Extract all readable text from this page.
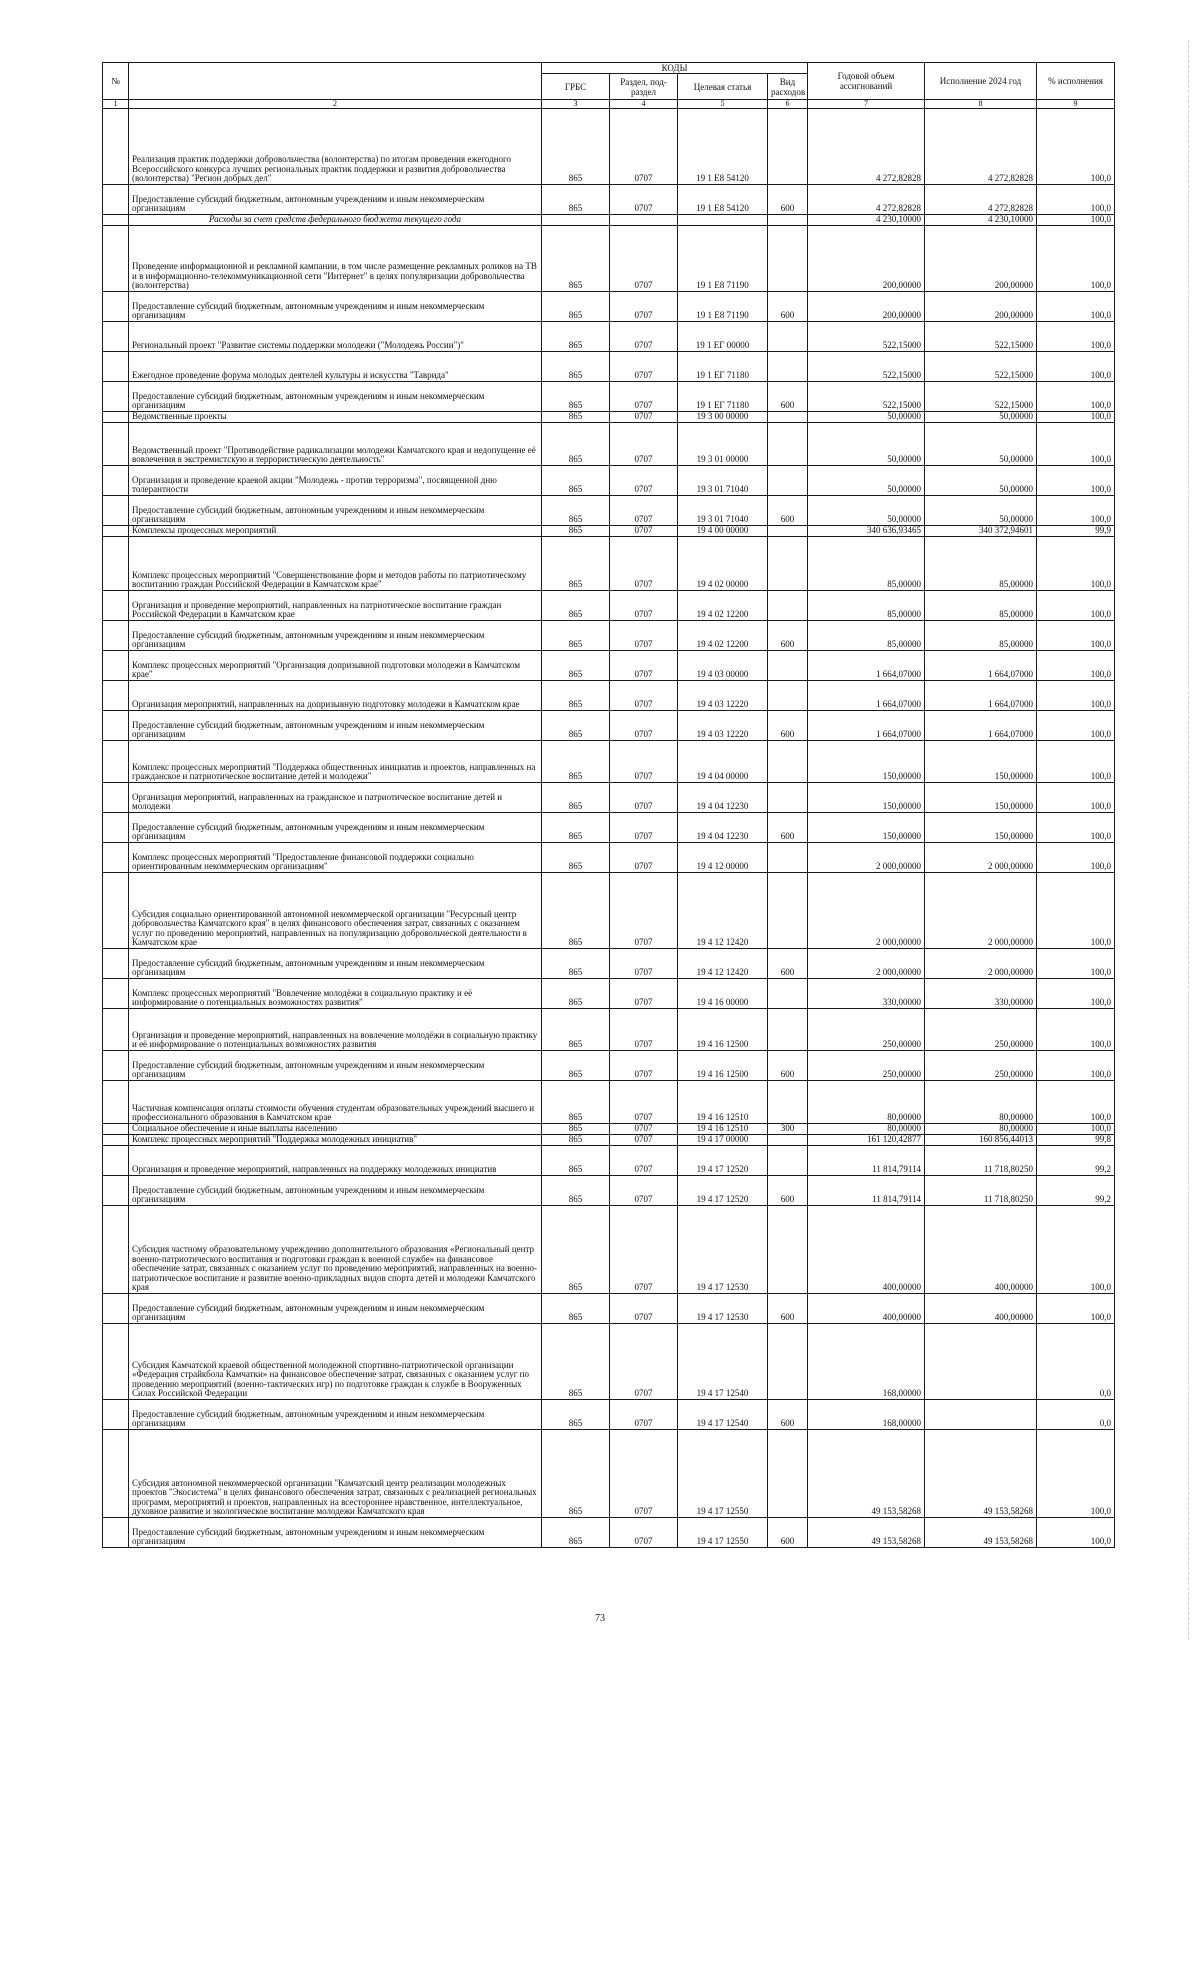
№		КОДЫ				Годовой объем ассигнований	Исполнение 2024 год	% исполнения
		ГРБС	Раздел, под-раздел	Целевая статья	Вид расходов			
1	2	3	4	5	6	7	8	9
	Реализация практик поддержки добровольчества (волонтерства) по итогам проведения ежегодного Всероссийского конкурса лучших региональных практик поддержки и развития добровольчества (волонтерства) "Регион добрых дел"	865	0707	19 1 Е8 54120		4 272,82828	4 272,82828	100,0
	Предоставление субсидий бюджетным, автономным учреждениям и иным некоммерческим организациям	865	0707	19 1 Е8 54120	600	4 272,82828	4 272,82828	100,0
	Расходы за счет средств федерального бюджета текущего года					4 230,10000	4 230,10000	100,0
	Проведение информационной и рекламной кампании, в том числе размещение рекламных роликов на ТВ и в информационно-телекоммуникационной сети "Интернет" в целях популяризации добровольчества (волонтерства)	865	0707	19 1 Е8 71190		200,00000	200,00000	100,0
	Предоставление субсидий бюджетным, автономным учреждениям и иным некоммерческим организациям	865	0707	19 1 Е8 71190	600	200,00000	200,00000	100,0
	Региональный проект "Развитие системы поддержки молодежи ("Молодежь России")"	865	0707	19 1 ЕГ 00000		522,15000	522,15000	100,0
	Ежегодное проведение форума молодых деятелей культуры и искусства "Таврида"	865	0707	19 1 ЕГ 71180		522,15000	522,15000	100,0
	Предоставление субсидий бюджетным, автономным учреждениям и иным некоммерческим организациям	865	0707	19 1 ЕГ 71180	600	522,15000	522,15000	100,0
	Ведомственные проекты	865	0707	19 3 00 00000		50,00000	50,00000	100,0
	Ведомственный проект "Противодействие радикализации молодежи Камчатского края и недопущение её вовлечения в экстремистскую и террористическую деятельность"	865	0707	19 3 01 00000		50,00000	50,00000	100,0
	Организация и проведение краевой акции "Молодежь - против терроризма", посвященной дню толерантности	865	0707	19 3 01 71040		50,00000	50,00000	100,0
	Предоставление субсидий бюджетным, автономным учреждениям и иным некоммерческим организациям	865	0707	19 3 01 71040	600	50,00000	50,00000	100,0
	Комплексы процессных мероприятий	865	0707	19 4 00 00000		340 636,93465	340 372,94601	99,9
	Комплекс процессных мероприятий "Совершенствование форм и методов работы по патриотическому воспитанию граждан Российской Федерации в Камчатском крае"	865	0707	19 4 02 00000		85,00000	85,00000	100,0
	Организация и проведение мероприятий, направленных на патриотическое воспитание граждан Российской Федерации в Камчатском крае	865	0707	19 4 02 12200		85,00000	85,00000	100,0
	Предоставление субсидий бюджетным, автономным учреждениям и иным некоммерческим организациям	865	0707	19 4 02 12200	600	85,00000	85,00000	100,0
	Комплекс процессных мероприятий "Организация допризывной подготовки молодежи в Камчатском крае"	865	0707	19 4 03 00000		1 664,07000	1 664,07000	100,0
	Организация мероприятий, направленных на допризывную подготовку молодежи в Камчатском крае	865	0707	19 4 03 12220		1 664,07000	1 664,07000	100,0
	Предоставление субсидий бюджетным, автономным учреждениям и иным некоммерческим организациям	865	0707	19 4 03 12220	600	1 664,07000	1 664,07000	100,0
	Комплекс процессных мероприятий "Поддержка общественных инициатив и проектов, направленных на гражданское и патриотическое воспитание детей и молодежи"	865	0707	19 4 04 00000		150,00000	150,00000	100,0
	Организация мероприятий, направленных на гражданское и патриотическое воспитание детей и молодежи	865	0707	19 4 04 12230		150,00000	150,00000	100,0
	Предоставление субсидий бюджетным, автономным учреждениям и иным некоммерческим организациям	865	0707	19 4 04 12230	600	150,00000	150,00000	100,0
	Комплекс процессных мероприятий "Предоставление финансовой поддержки социально ориентированным некоммерческим организациям"	865	0707	19 4 12 00000		2 000,00000	2 000,00000	100,0
	Субсидия социально ориентированной автономной некоммерческой организации "Ресурсный центр добровольчества Камчатского края" в целях финансового обеспечения затрат, связанных с оказанием услуг по проведению мероприятий, направленных на популяризацию добровольческой деятельности в Камчатском крае	865	0707	19 4 12 12420		2 000,00000	2 000,00000	100,0
	Предоставление субсидий бюджетным, автономным учреждениям и иным некоммерческим организациям	865	0707	19 4 12 12420	600	2 000,00000	2 000,00000	100,0
	Комплекс процессных мероприятий "Вовлечение молодёжи в социальную практику и её информирование о потенциальных возможностях развития"	865	0707	19 4 16 00000		330,00000	330,00000	100,0
	Организация и проведение мероприятий, направленных на вовлечение молодёжи в социальную практику и её информирование о потенциальных возможностях развития	865	0707	19 4 16 12500		250,00000	250,00000	100,0
	Предоставление субсидий бюджетным, автономным учреждениям и иным некоммерческим организациям	865	0707	19 4 16 12500	600	250,00000	250,00000	100,0
	Частичная компенсация оплаты стоимости обучения студентам образовательных учреждений высшего и профессионального образования в Камчатском крае	865	0707	19 4 16 12510		80,00000	80,00000	100,0
	Социальное обеспечение и иные выплаты населению	865	0707	19 4 16 12510	300	80,00000	80,00000	100,0
	Комплекс процессных мероприятий "Поддержка молодежных инициатив"	865	0707	19 4 17 00000		161 120,42877	160 856,44013	99,8
	Организация и проведение мероприятий, направленных на поддержку молодежных инициатив	865	0707	19 4 17 12520		11 814,79114	11 718,80250	99,2
	Предоставление субсидий бюджетным, автономным учреждениям и иным некоммерческим организациям	865	0707	19 4 17 12520	600	11 814,79114	11 718,80250	99,2
	Субсидия частному образовательному учреждению дополнительного образования «Региональный центр военно-патриотического воспитания и подготовки граждан к военной службе» на финансовое обеспечение затрат, связанных с оказанием услуг по проведению мероприятий, направленных на военно-патриотическое воспитание и развитие военно-прикладных видов спорта детей и молодежи Камчатского края	865	0707	19 4 17 12530		400,00000	400,00000	100,0
	Предоставление субсидий бюджетным, автономным учреждениям и иным некоммерческим организациям	865	0707	19 4 17 12530	600	400,00000	400,00000	100,0
	Субсидия Камчатской краевой общественной молодежной спортивно-патриотической организации «Федерация страйкбола Камчатки» на финансовое обеспечение затрат, связанных с оказанием услуг по проведению мероприятий (военно-тактических игр) по подготовке граждан к службе в Вооруженных Силах Российской Федерации	865	0707	19 4 17 12540		168,00000		0,0
	Предоставление субсидий бюджетным, автономным учреждениям и иным некоммерческим организациям	865	0707	19 4 17 12540	600	168,00000		0,0
	Субсидия автономной некоммерческой организации "Камчатский центр реализации молодежных проектов "Экосистема" в целях финансового обеспечения затрат, связанных с реализацией региональных программ, мероприятий и проектов, направленных на всестороннее нравственное, интеллектуальное, духовное развитие и экологическое воспитание молодежи Камчатского края	865	0707	19 4 17 12550		49 153,58268	49 153,58268	100,0
	Предоставление субсидий бюджетным, автономным учреждениям и иным некоммерческим организациям	865	0707	19 4 17 12550	600	49 153,58268	49 153,58268	100,0
73
